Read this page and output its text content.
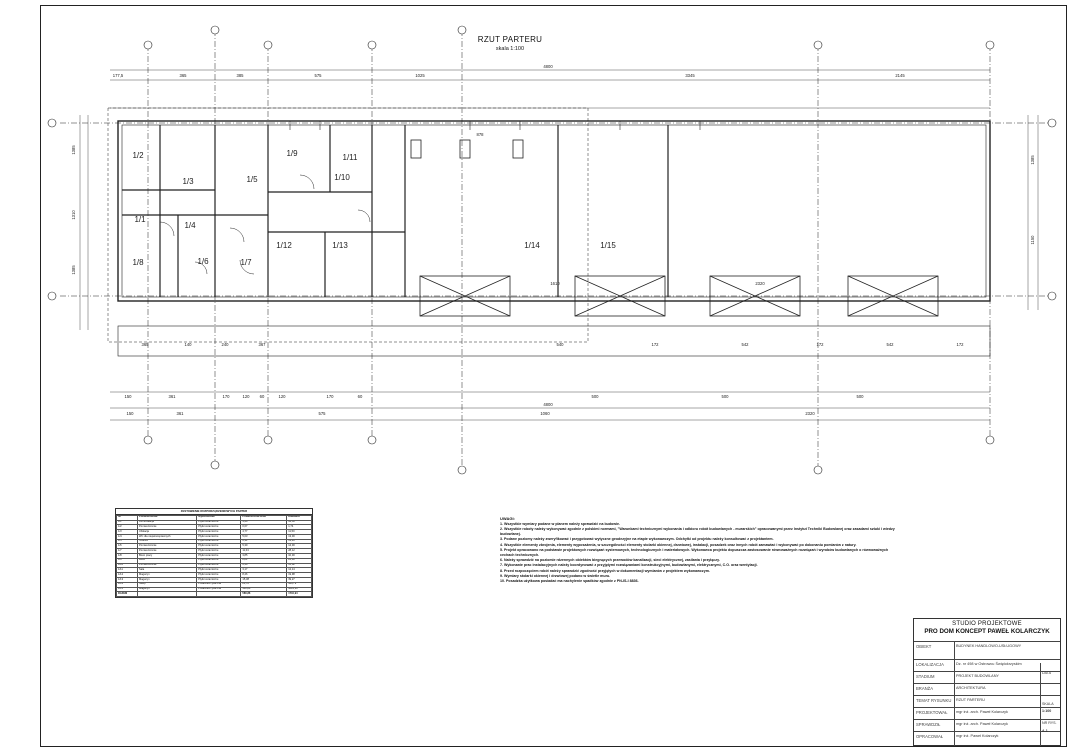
RZUT PARTERU
skala 1:100
177,5	365	385	575	1025	3345	2145
4800
4800
365	140	240	367	540	172	542	172	542	172
150	361	170	120 60	120	170	60	500	500	500
150	361	575	1060	2320
878
1610	2320
1385
1310
1385
1385
1150
1/1
1/2
1/3
1/4
1/5
1/6	1/7
1/8
1/9
1/10
1/11
1/12	1/13	1/14	1/15
ZESTAWIENIE ROZPORZĄDZENIOWYCH PARTER
Nr	Pomieszczenie	Wykończenie	Powierzchnia netto	Kubatura
1/1	Komunikacja	Płytki ceramiczne	3,40	14,50
1/2	Pomieszczenie	Płytki ceramiczne	0,67	1,74
1/3	Ubikacja	Płytki ceramiczne	4,77	11,50
1/4	WC dla niepełnosprawnych	Płytki ceramiczne	5,03	13,00
1/5	Szatnia	Płytki ceramiczne	6,31	13,40
1/6	Pomieszczenie	Płytki ceramiczne	5,39	14,00
1/7	Pomieszczenie	Płytki ceramiczne	11,04	28,12
1/8	Biuro pracy	Płytki ceramiczne	3,85	10,00
1/9	Biuro	Płytki ceramiczne	8,81	22,38
1/10	Pomieszczenie	Płytki ceramiczne	6,14	15,62
1/11	Sala	Płytki ceramiczne	3,17	12,14
1/12	Magazyn	Płytki ceramiczne	8,46	19,98
1/13	Magazyn	Płytki ceramiczne	15,38	39,27
1/14	Sklep	Posadzka żywiczna	81,78	449,79
1/15	Magazyn	Posadzka żywiczna	310,80	1824,36
RAZEM			580,86	1710,94
UWAGI:
1. Wszystkie wymiary podane w planem należy sprawdzić na budowie.
2. Wszystkie roboty należy wykonywać zgodnie z polskimi normami, "Warunkami technicznymi wykonania i odbioru robót budowlanych - murarskich" opracowanymi przez Instytut Techniki Budowlanej oraz zasadami sztuki i wiedzy budowlanej.
3. Podane poziomy należy zweryfikować i przygotować wytyczne geodezyjne na etapie wykonawczym. Odchyłki od projektu należy konsultować z projektantem.
4. Wszystkie elementy zbrojenia, elementy wyposażenia, w szczególności elementy stolarki okiennej, drzwiowej, instalacji, posadzek oraz innych robót zamawiać i wykonywać po dokonaniu pomiarów z natury.
5. Projekt opracowano na podstawie projektowych rozwiązań systemowych, technologicznych i materiałowych. Wykonawca projektu dopuszcza zastosowanie równoważnych rozwiązań i wyrobów budowlanych o równoważnych cechach technicznych.
6. Należy sprawdzić na poziomie rdzennych obiektów biegnących przewodów kanalizacji, sieci elektrycznej, zasilania i przyłączy.
7. Wykonanie prac instalacyjnych należy koordynować z przyjętymi rozwiązaniami konstrukcyjnymi, budowlanymi, elektrycznymi, C.O. oraz wentylacji.
8. Przed rozpoczęciem robót należy sprawdzić zgodność przyjętych w dokumentacji wymiarów z projektem wykonawczym.
9. Wymiary stolarki okiennej i drzwiowej podano w świetle muru.
10. Posadzka użytkowa posiadać ma nachylenie spadków zgodnie z PN-IS-I 8836.
STUDIO PROJEKTOWE
PRO DOM KONCEPT PAWEŁ KOLARCZYK
OBIEKT	BUDYNEK HANDLOWO-USŁUGOWY
LOKALIZACJA	Dz. nr 498 w Ostrowcu Świętokrzyskim
STADIUM	PROJEKT BUDOWLANY
BRANŻA	ARCHITEKTURA
TEMAT RYSUNKU RZUT PARTERU
PROJEKTOWAŁ mgr inż. arch. Paweł Kolarczyk
SPRAWDZIŁ	mgr inż. arch. Paweł Kolarczyk
OPRACOWAŁ	mgr inż. Paweł Kolarczyk
DATA
SKALA
1:100
NR RYS.
A-1
